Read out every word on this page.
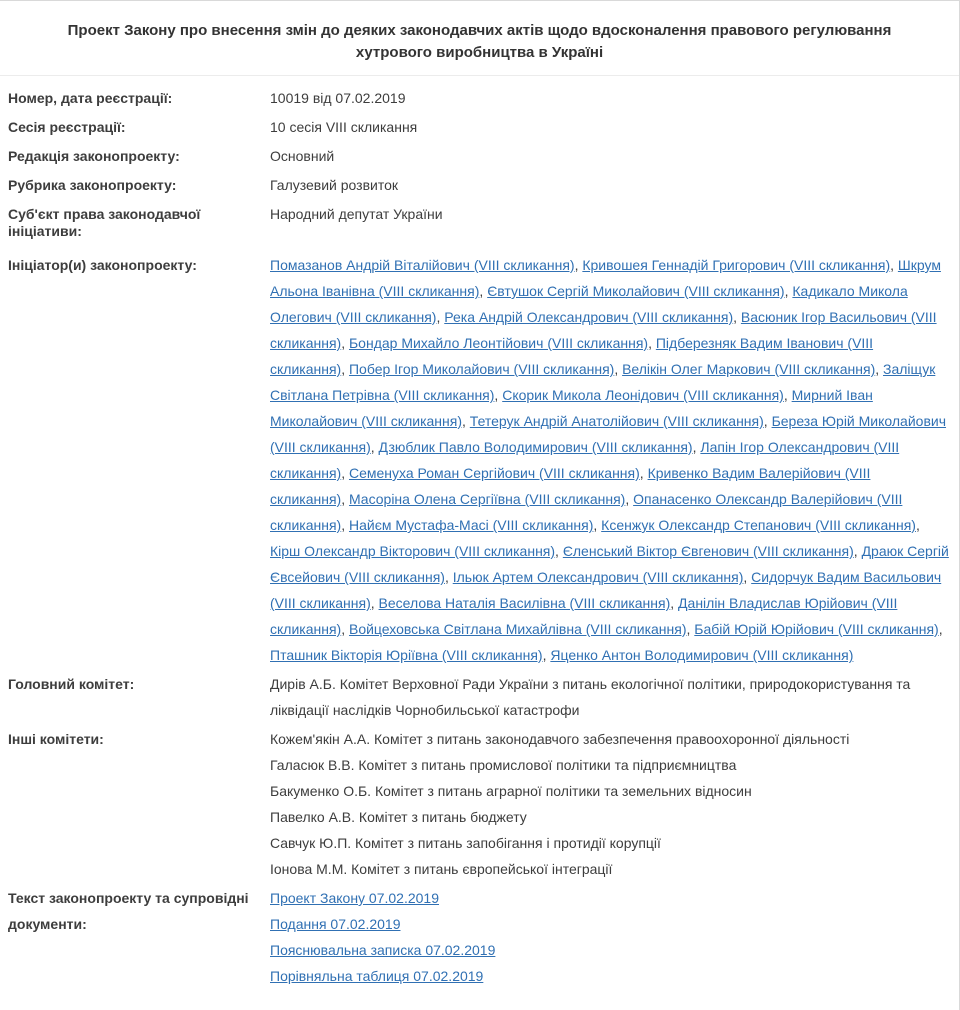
Проект Закону про внесення змін до деяких законодавчих актів щодо вдосконалення правового регулювання хутрового виробництва в Україні
Номер, дата реєстрації:	10019 від 07.02.2019
Сесія реєстрації:	10 сесія VIII скликання
Редакція законопроекту:	Основний
Рубрика законопроекту:	Галузевий розвиток
Суб'єкт права законодавчої ініціативи:
Народний депутат України
Ініціатор(и) законопроекту:	Помазанов Андрій Віталійович (VIII скликання), Кривошея Геннадій Григорович (VIII скликання), Шкрум Альона Іванівна (VIII скликання), Євтушок Сергій Миколайович (VIII скликання), Кадикало Микола Олегович (VIII скликання), Река Андрій Олександрович (VIII скликання), Васюник Ігор Васильович (VIII скликання), Бондар Михайло Леонтійович (VIII скликання), Підберезняк Вадим Іванович (VIII скликання), Побер Ігор Миколайович (VIII скликання), Велікін Олег Маркович (VIII скликання), Заліщук Світлана Петрівна (VIII скликання), Скорик Микола Леонідович (VIII скликання), Мирний Іван Миколайович (VIII скликання), Тетерук Андрій Анатолійович (VIII скликання), Береза Юрій Миколайович (VIII скликання), Дзюблик Павло Володимирович (VIII скликання), Лапін Ігор Олександрович (VIII скликання), Семенуха Роман Сергійович (VIII скликання), Кривенко Вадим Валерійович (VIII скликання), Масоріна Олена Сергіївна (VIII скликання), Опанасенко Олександр Валерійович (VIII скликання), Найєм Мустафа-Масі (VIII скликання), Ксенжук Олександр Степанович (VIII скликання), Кірш Олександр Вікторович (VIII скликання), Єленський Віктор Євгенович (VIII скликання), Драюк Сергій Євсейович (VIII скликання), Ільюк Артем Олександрович (VIII скликання), Сидорчук Вадим Васильович (VIII скликання), Веселова Наталія Василівна (VIII скликання), Данілін Владислав Юрійович (VIII скликання), Войцеховська Світлана Михайлівна (VIII скликання), Бабій Юрій Юрійович (VIII скликання), Пташник Вікторія Юріївна (VIII скликання), Яценко Антон Володимирович (VIII скликання)
Головний комітет:	Дирів А.Б. Комітет Верховної Ради України з питань екологічної політики, природокористування та ліквідації наслідків Чорнобильської катастрофи
Інші комітети:	Кожем'якін А.А. Комітет з питань законодавчого забезпечення правоохоронної діяльності
Галасюк В.В. Комітет з питань промислової політики та підприємництва
Бакуменко О.Б. Комітет з питань аграрної політики та земельних відносин
Павелко А.В. Комітет з питань бюджету
Савчук Ю.П. Комітет з питань запобігання і протидії корупції
Іонова М.М. Комітет з питань європейської інтеграції
Текст законопроекту та супровідні документи:
Проект Закону 07.02.2019
Подання 07.02.2019
Пояснювальна записка 07.02.2019
Порівняльна таблиця 07.02.2019
